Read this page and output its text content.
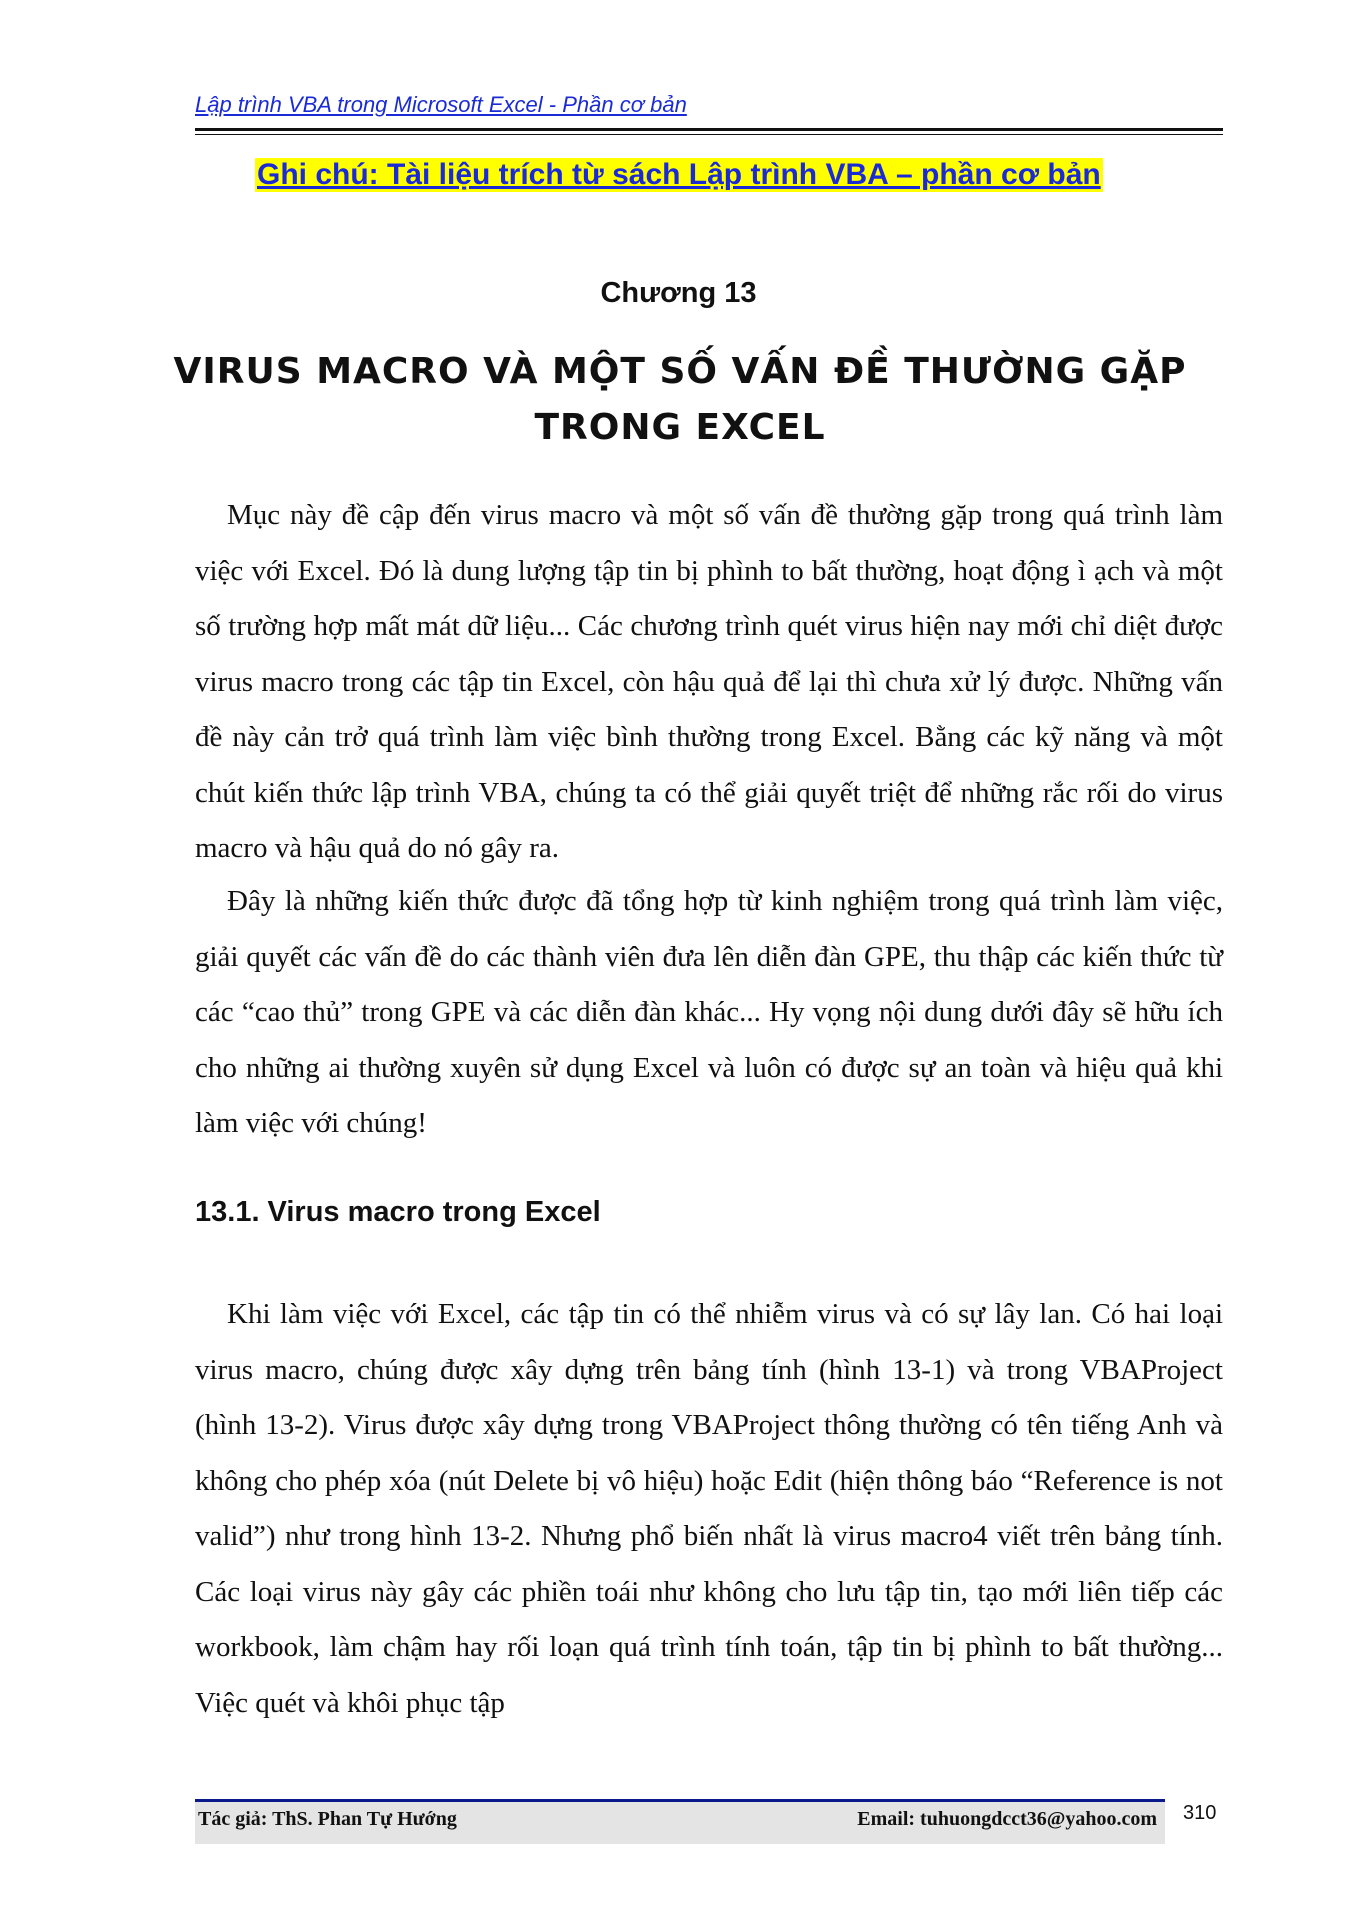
Lập trình VBA trong Microsoft Excel - Phần cơ bản
Ghi chú: Tài liệu trích từ sách Lập trình VBA – phần cơ bản
Chương 13
VIRUS MACRO VÀ MỘT SỐ VẤN ĐỀ THƯỜNG GẶP
TRONG EXCEL

Mục này đề cập đến virus macro và một số vấn đề thường gặp trong quá trình làm việc với Excel. Đó là dung lượng tập tin bị phình to bất thường, hoạt động ì ạch và một số trường hợp mất mát dữ liệu... Các chương trình quét virus hiện nay mới chỉ diệt được virus macro trong các tập tin Excel, còn hậu quả để lại thì chưa xử lý được. Những vấn đề này cản trở quá trình làm việc bình thường trong Excel. Bằng các kỹ năng và một chút kiến thức lập trình VBA, chúng ta có thể giải quyết triệt để những rắc rối do virus macro và hậu quả do nó gây ra.

Đây là những kiến thức được đã tổng hợp từ kinh nghiệm trong quá trình làm việc, giải quyết các vấn đề do các thành viên đưa lên diễn đàn GPE, thu thập các kiến thức từ các “cao thủ” trong GPE và các diễn đàn khác... Hy vọng nội dung dưới đây sẽ hữu ích cho những ai thường xuyên sử dụng Excel và luôn có được sự an toàn và hiệu quả khi làm việc với chúng!

13.1. Virus macro trong Excel

Khi làm việc với Excel, các tập tin có thể nhiễm virus và có sự lây lan. Có hai loại virus macro, chúng được xây dựng trên bảng tính (hình 13-1) và trong VBAProject (hình 13-2). Virus được xây dựng trong VBAProject thông thường có tên tiếng Anh và không cho phép xóa (nút Delete bị vô hiệu) hoặc Edit (hiện thông báo “Reference is not valid”) như trong hình 13-2. Nhưng phổ biến nhất là virus macro4 viết trên bảng tính. Các loại virus này gây các phiền toái như không cho lưu tập tin, tạo mới liên tiếp các workbook, làm chậm hay rối loạn quá trình tính toán, tập tin bị phình to bất thường... Việc quét và khôi phục tập

Tác giả: ThS. Phan Tự Hướng	Email: tuhuongdcct36@yahoo.com 310
